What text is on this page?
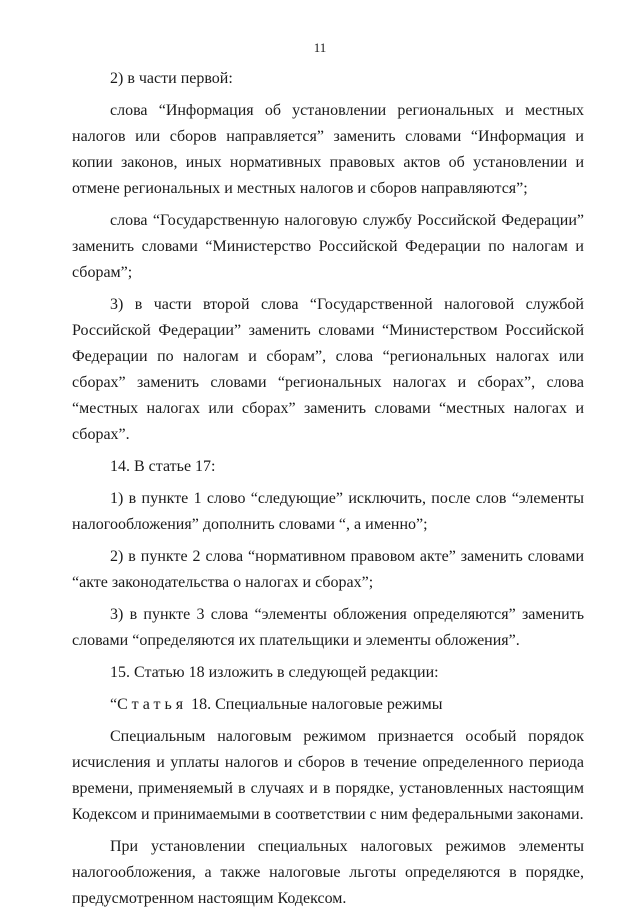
11

2) в части первой:

слова “Информация об установлении региональных и местных налогов или сборов направляется” заменить словами “Информация и копии законов, иных нормативных правовых актов об установлении и отмене региональных и местных налогов и сборов направляются”;

слова “Государственную налоговую службу Российской Федерации” заменить словами “Министерство Российской Федерации по налогам и сборам”;

3) в части второй слова “Государственной налоговой службой Российской Федерации” заменить словами “Министерством Российской Федерации по налогам и сборам”, слова “региональных налогах или сборах” заменить словами “региональных налогах и сборах”, слова “местных налогах или сборах” заменить словами “местных налогах и сборах”.

14. В статье 17:

1) в пункте 1 слово “следующие” исключить, после слов “элементы налогообложения” дополнить словами “, а именно”;

2) в пункте 2 слова “нормативном правовом акте” заменить словами “акте законодательства о налогах и сборах”;

3) в пункте 3 слова “элементы обложения определяются” заменить словами “определяются их плательщики и элементы обложения”.

15. Статью 18 изложить в следующей редакции:

“Статья 18. Специальные налоговые режимы

Специальным налоговым режимом признается особый порядок исчисления и уплаты налогов и сборов в течение определенного периода времени, применяемый в случаях и в порядке, установленных настоящим Кодексом и принимаемыми в соответствии с ним федеральными законами.

При установлении специальных налоговых режимов элементы налогообложения, а также налоговые льготы определяются в порядке, предусмотренном настоящим Кодексом.
